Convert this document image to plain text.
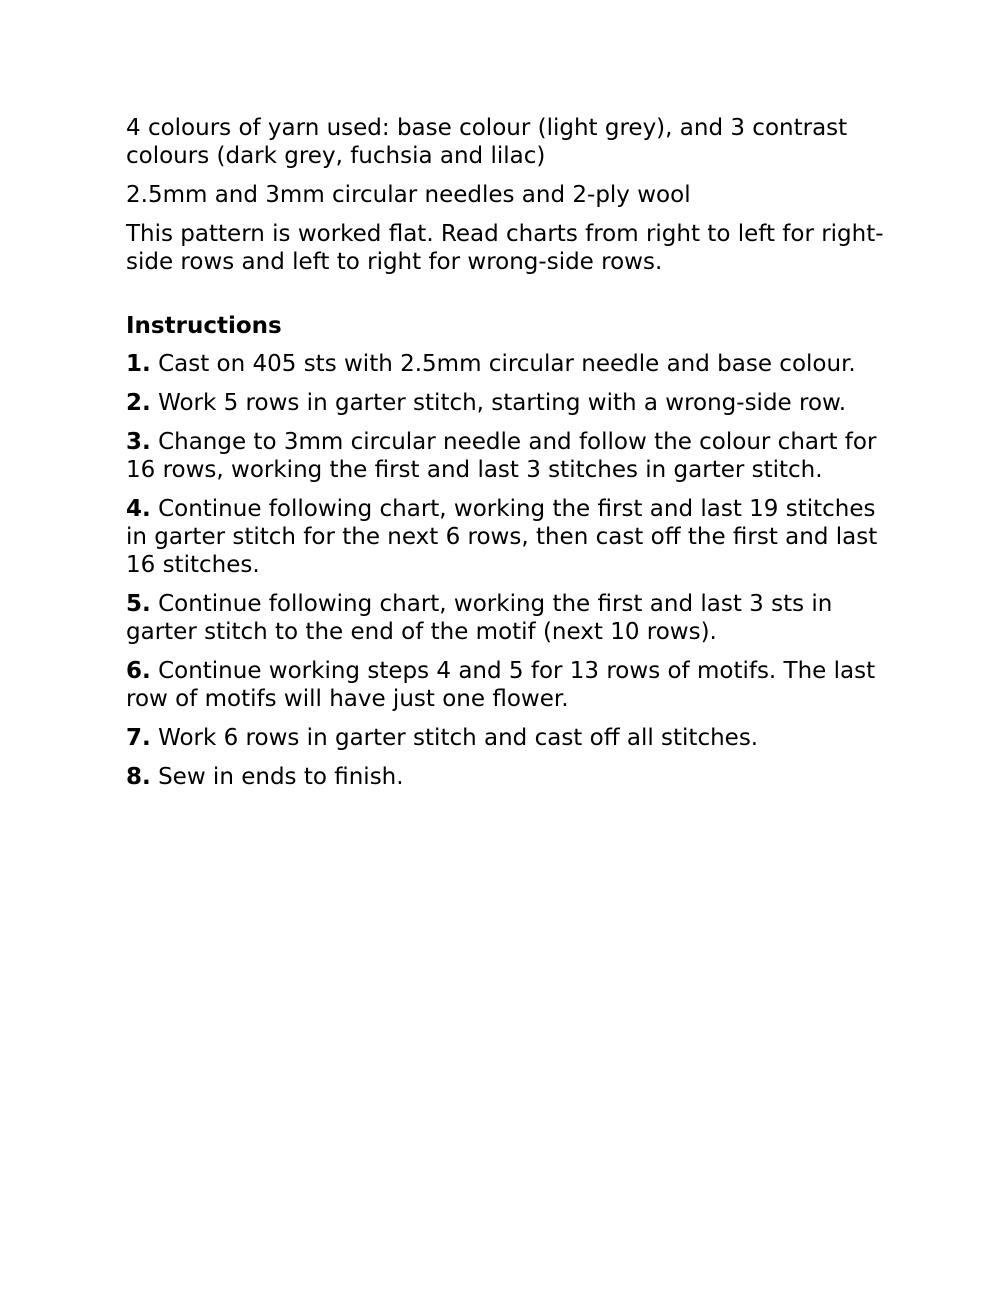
4 colours of yarn used: base colour (light grey), and 3 contrast colours (dark grey, fuchsia and lilac)

2.5mm and 3mm circular needles and 2-ply wool

This pattern is worked flat. Read charts from right to left for right-side rows and left to right for wrong-side rows.

Instructions

1. Cast on 405 sts with 2.5mm circular needle and base colour.

2. Work 5 rows in garter stitch, starting with a wrong-side row.

3. Change to 3mm circular needle and follow the colour chart for 16 rows, working the first and last 3 stitches in garter stitch.

4. Continue following chart, working the first and last 19 stitches in garter stitch for the next 6 rows, then cast off the first and last 16 stitches.

5. Continue following chart, working the first and last 3 sts in garter stitch to the end of the motif (next 10 rows).

6. Continue working steps 4 and 5 for 13 rows of motifs. The last row of motifs will have just one flower.

7. Work 6 rows in garter stitch and cast off all stitches.

8. Sew in ends to finish.
